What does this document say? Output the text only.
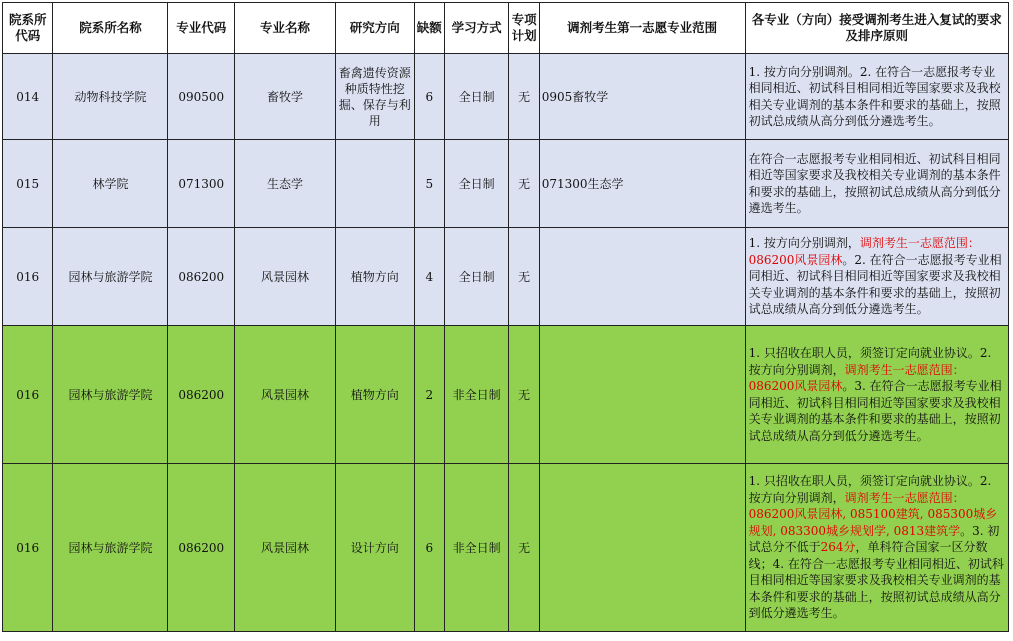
院系所代码	院系所名称	专业代码	专业名称	研究方向	缺额	学习方式	专项计划	调剂考生第一志愿专业范围	各专业（方向）接受调剂考生进入复试的要求及排序原则
014	动物科技学院	090500	畜牧学	畜禽遗传资源种质特性挖掘、保存与利用	6	全日制	无	0905畜牧学	1. 按方向分别调剂。2. 在符合一志愿报考专业相同相近、初试科目相同相近等国家要求及我校相关专业调剂的基本条件和要求的基础上，按照初试总成绩从高分到低分遴选考生。
015	林学院	071300	生态学		5	全日制	无	071300生态学	在符合一志愿报考专业相同相近、初试科目相同相近等国家要求及我校相关专业调剂的基本条件和要求的基础上，按照初试总成绩从高分到低分遴选考生。
016	园林与旅游学院	086200	风景园林	植物方向	4	全日制	无		1. 按方向分别调剂，调剂考生一志愿范围：086200风景园林。2. 在符合一志愿报考专业相同相近、初试科目相同相近等国家要求及我校相关专业调剂的基本条件和要求的基础上，按照初试总成绩从高分到低分遴选考生。
016	园林与旅游学院	086200	风景园林	植物方向	2	非全日制	无		1. 只招收在职人员，须签订定向就业协议。2. 按方向分别调剂，调剂考生一志愿范围：086200风景园林。3. 在符合一志愿报考专业相同相近、初试科目相同相近等国家要求及我校相关专业调剂的基本条件和要求的基础上，按照初试总成绩从高分到低分遴选考生。
016	园林与旅游学院	086200	风景园林	设计方向	6	非全日制	无		1. 只招收在职人员，须签订定向就业协议。2. 按方向分别调剂，调剂考生一志愿范围：086200风景园林, 085100建筑, 085300城乡规划, 083300城乡规划学, 0813建筑学。3. 初试总分不低于264分，单科符合国家一区分数线；4. 在符合一志愿报考专业相同相近、初试科目相同相近等国家要求及我校相关专业调剂的基本条件和要求的基础上，按照初试总成绩从高分到低分遴选考生。
